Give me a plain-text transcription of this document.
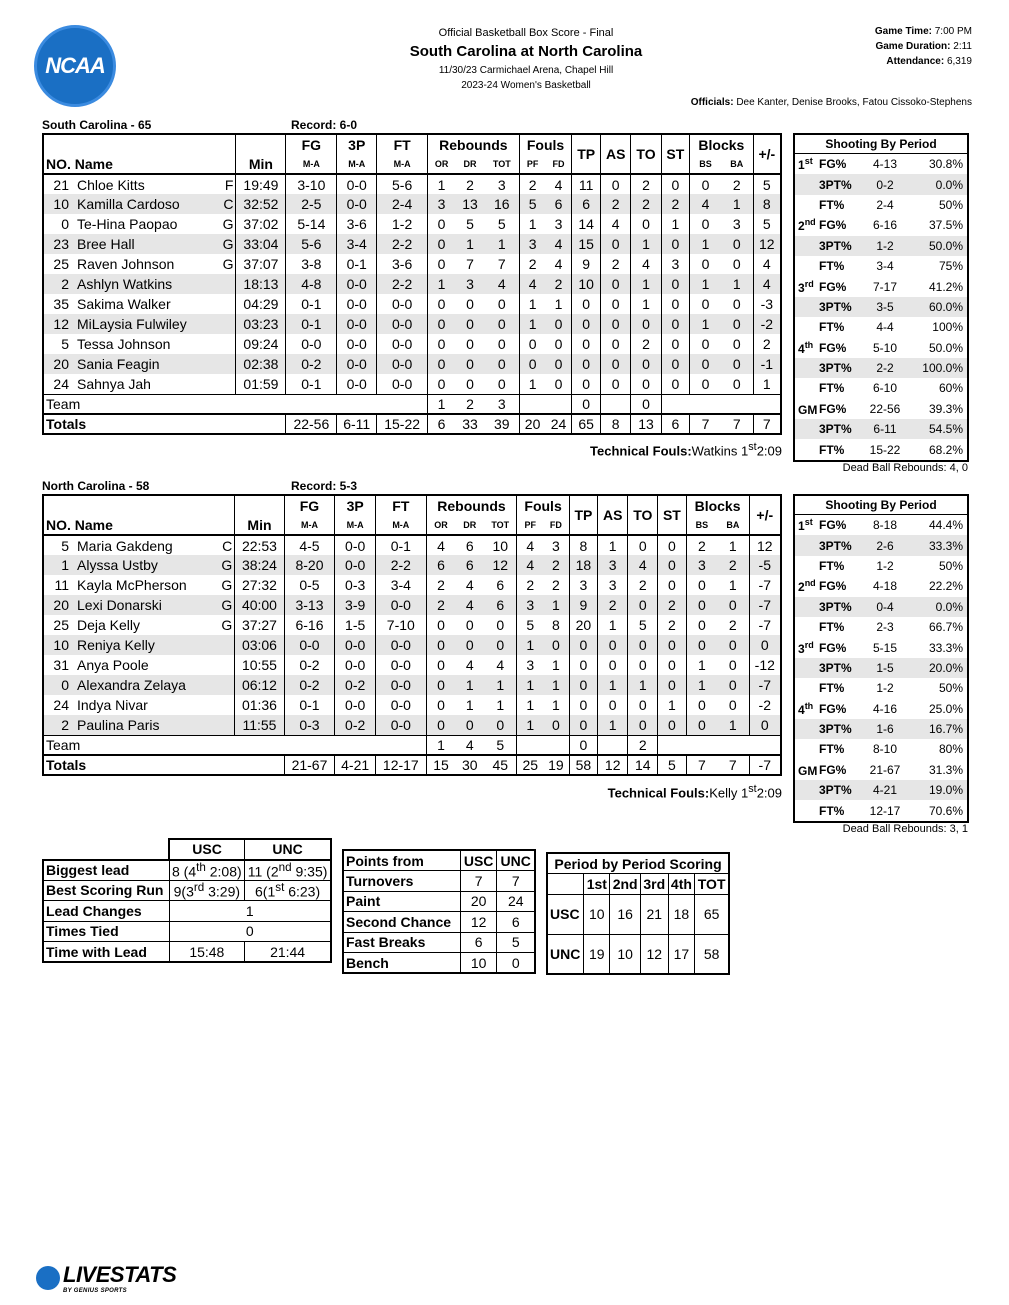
NCAA
Official Basketball Box Score - Final
South Carolina at North Carolina
11/30/23 Carmichael Arena, Chapel Hill
2023-24 Women's Basketball
Game Time: 7:00 PM
Game Duration: 2:11
Attendance: 6,319
Officials: Dee Kanter, Denise Brooks, Fatou Cissoko-Stephens
South Carolina - 65	Record: 6-0
				FG	3P	FT	Rebounds			Fouls		TP	AS	TO	ST	Blocks		+/-
NO. Name			Min	M-A	M-A	M-A	OR	DR	TOT	PF	FD					BS	BA	
21	Chloe Kitts	F	19:49	3-10	0-0	5-6	1	2	3	2	4	11	0	2	0	0	2	5
10	Kamilla Cardoso	C	32:52	2-5	0-0	2-4	3	13	16	5	6	6	2	2	2	4	1	8
0	Te-Hina Paopao	G	37:02	5-14	3-6	1-2	0	5	5	1	3	14	4	0	1	0	3	5
23	Bree Hall	G	33:04	5-6	3-4	2-2	0	1	1	3	4	15	0	1	0	1	0	12
25	Raven Johnson	G	37:07	3-8	0-1	3-6	0	7	7	2	4	9	2	4	3	0	0	4
2	Ashlyn Watkins		18:13	4-8	0-0	2-2	1	3	4	4	2	10	0	1	0	1	1	4
35	Sakima Walker		04:29	0-1	0-0	0-0	0	0	0	1	1	0	0	1	0	0	0	-3
12	MiLaysia Fulwiley		03:23	0-1	0-0	0-0	0	0	0	1	0	0	0	0	0	1	0	-2
5	Tessa Johnson		09:24	0-0	0-0	0-0	0	0	0	0	0	0	0	2	0	0	0	2
20	Sania Feagin		02:38	0-2	0-0	0-0	0	0	0	0	0	0	0	0	0	0	0	-1
24	Sahnya Jah		01:59	0-1	0-0	0-0	0	0	0	1	0	0	0	0	0	0	0	1
Team							1	2	3			0		0				
Totals				22-56	6-11	15-22	6	33	39	20	24	65	8	13	6	7	7	7
Technical Fouls:Watkins 1st2:09
Shooting By Period
1st FG%	4-13	30.8%
3PT%	0-2	0.0%
FT%	2-4	50%
2nd FG%	6-16	37.5%
3PT%	1-2	50.0%
FT%	3-4	75%
3rd FG%	7-17	41.2%
3PT%	3-5	60.0%
FT%	4-4	100%
4th FG%	5-10	50.0%
3PT%	2-2	100.0%
FT%	6-10	60%
GM FG%	22-56	39.3%
3PT%	6-11	54.5%
FT%	15-22	68.2%
Dead Ball Rebounds: 4, 0
North Carolina - 58	Record: 5-3
				FG	3P	FT	Rebounds			Fouls		TP	AS	TO	ST	Blocks		+/-
NO. Name			Min	M-A	M-A	M-A	OR	DR	TOT	PF	FD					BS	BA	
5	Maria Gakdeng	C	22:53	4-5	0-0	0-1	4	6	10	4	3	8	1	0	0	2	1	12
1	Alyssa Ustby	G	38:24	8-20	0-0	2-2	6	6	12	4	2	18	3	4	0	3	2	-5
11	Kayla McPherson	G	27:32	0-5	0-3	3-4	2	4	6	2	2	3	3	2	0	0	1	-7
20	Lexi Donarski	G	40:00	3-13	3-9	0-0	2	4	6	3	1	9	2	0	2	0	0	-7
25	Deja Kelly	G	37:27	6-16	1-5	7-10	0	0	0	5	8	20	1	5	2	0	2	-7
10	Reniya Kelly		03:06	0-0	0-0	0-0	0	0	0	1	0	0	0	0	0	0	0	0
31	Anya Poole		10:55	0-2	0-0	0-0	0	4	4	3	1	0	0	0	0	1	0	-12
0	Alexandra Zelaya		06:12	0-2	0-2	0-0	0	1	1	1	1	0	1	1	0	1	0	-7
24	Indya Nivar		01:36	0-1	0-0	0-0	0	1	1	1	1	0	0	0	1	0	0	-2
2	Paulina Paris		11:55	0-3	0-2	0-0	0	0	0	1	0	0	1	0	0	0	1	0
Team							1	4	5			0		2				
Totals				21-67	4-21	12-17	15	30	45	25	19	58	12	14	5	7	7	-7
Technical Fouls:Kelly 1st2:09
Shooting By Period
1st FG%	8-18	44.4%
3PT%	2-6	33.3%
FT%	1-2	50%
2nd FG%	4-18	22.2%
3PT%	0-4	0.0%
FT%	2-3	66.7%
3rd FG%	5-15	33.3%
3PT%	1-5	20.0%
FT%	1-2	50%
4th FG%	4-16	25.0%
3PT%	1-6	16.7%
FT%	8-10	80%
GM FG%	21-67	31.3%
3PT%	4-21	19.0%
FT%	12-17	70.6%
Dead Ball Rebounds: 3, 1
	USC	UNC
Biggest lead	8 (4th 2:08)	11 (2nd 9:35)
Best Scoring Run	9(3rd 3:29)	6(1st 6:23)
Lead Changes	1	
Times Tied	0	
Time with Lead	15:48	21:44
Points from	USC	UNC
Turnovers	7	7
Paint	20	24
Second Chance	12	6
Fast Breaks	6	5
Bench	10	0
Period by Period Scoring					
	1st	2nd	3rd	4th	TOT
USC	10	16	21	18	65
UNC	19	10	12	17	58
LIVESTATS
BY GENIUS SPORTS
